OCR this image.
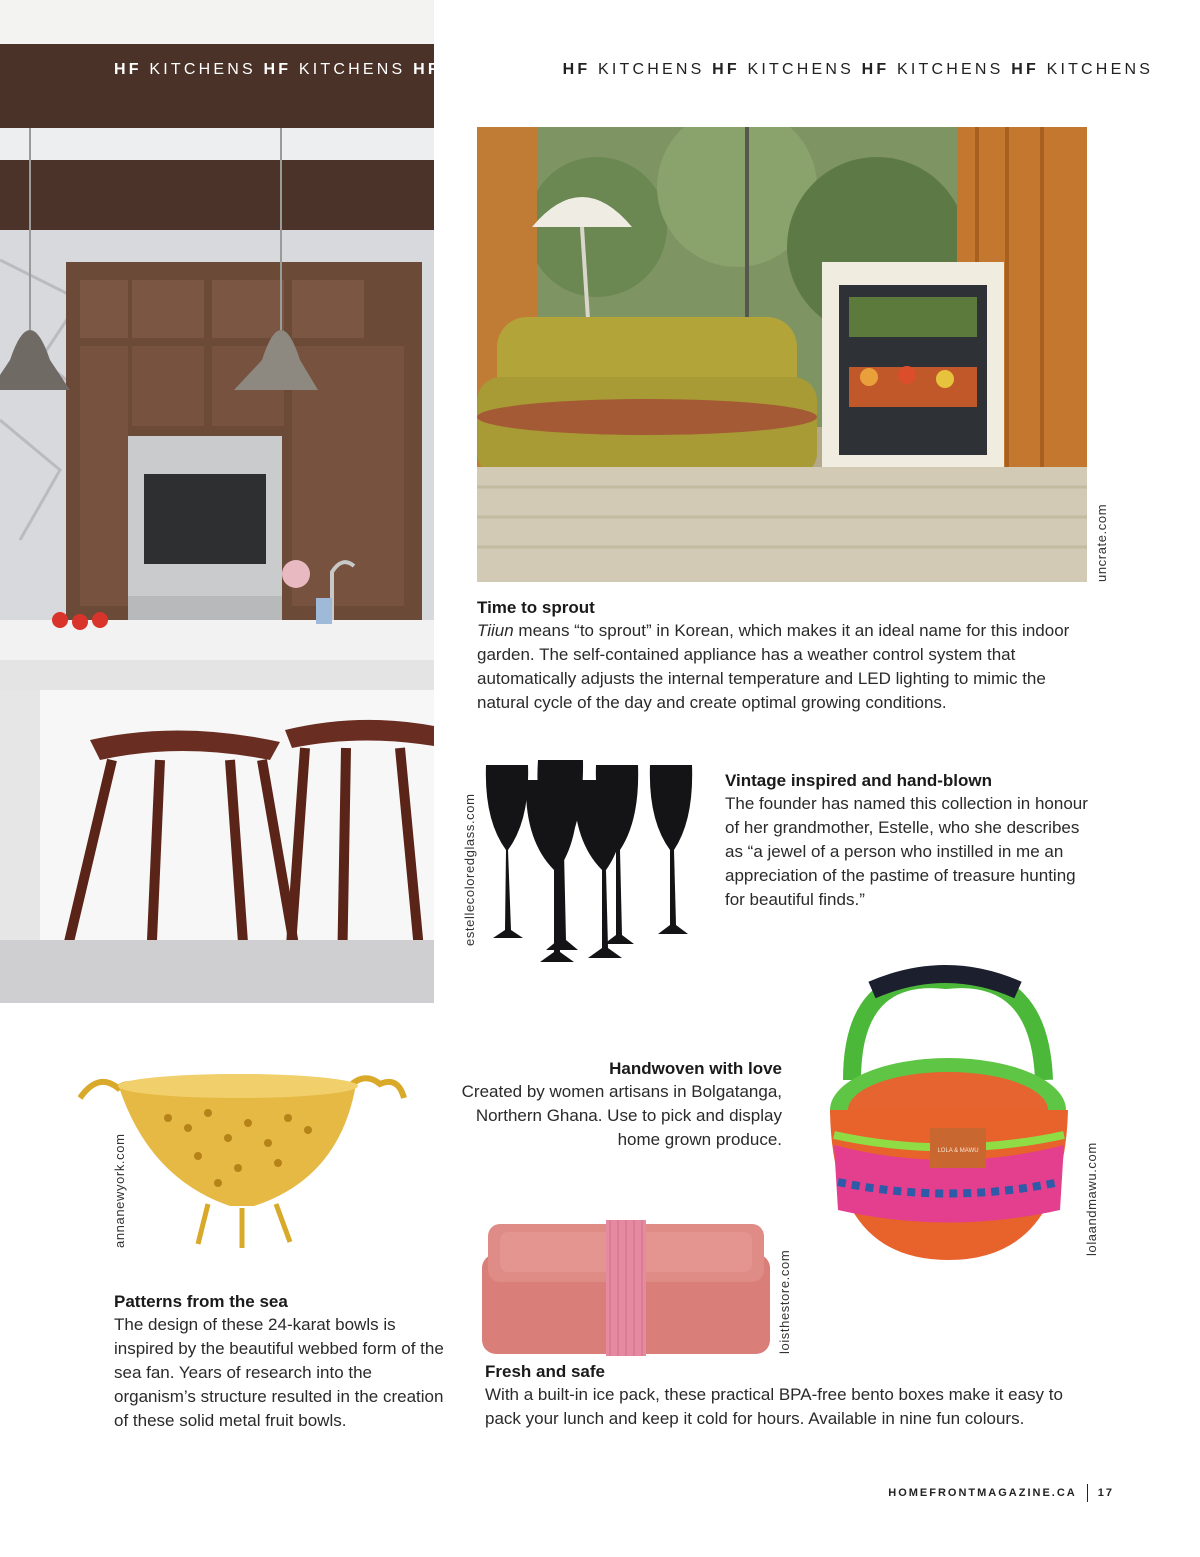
HF KITCHENS HF KITCHENS HF KITCHENS HF KITCHENS HF KITCHENS HF KITCHENS HF KITCHENS
uncrate.com
Time to sprout
Tiiun means “to sprout” in Korean, which makes it an ideal name for this indoor garden. The self-contained appliance has a weather control system that automatically adjusts the internal temperature and LED lighting to mimic the natural cycle of the day and create optimal growing conditions.
estellecoloredglass.com
Vintage inspired and hand-blown
The founder has named this collection in honour of her grandmother, Estelle, who she describes as “a jewel of a person who instilled in me an appreciation of the pastime of treasure hunting for beautiful finds.”
LOLA & MAWU	lolaandmawu.com
Handwoven with love
Created by women artisans in Bolgatanga, Northern Ghana. Use to pick and display home grown produce.
annanewyork.com
Patterns from the sea
The design of these 24-karat bowls is inspired by the beautiful webbed form of the sea fan. Years of research into the organism’s structure resulted in the creation of these solid metal fruit bowls.
loisthestore.com
Fresh and safe
With a built-in ice pack, these practical BPA-free bento boxes make it easy to pack your lunch and keep it cold for hours. Available in nine fun colours.
HOMEFRONTMAGAZINE.CA 17
